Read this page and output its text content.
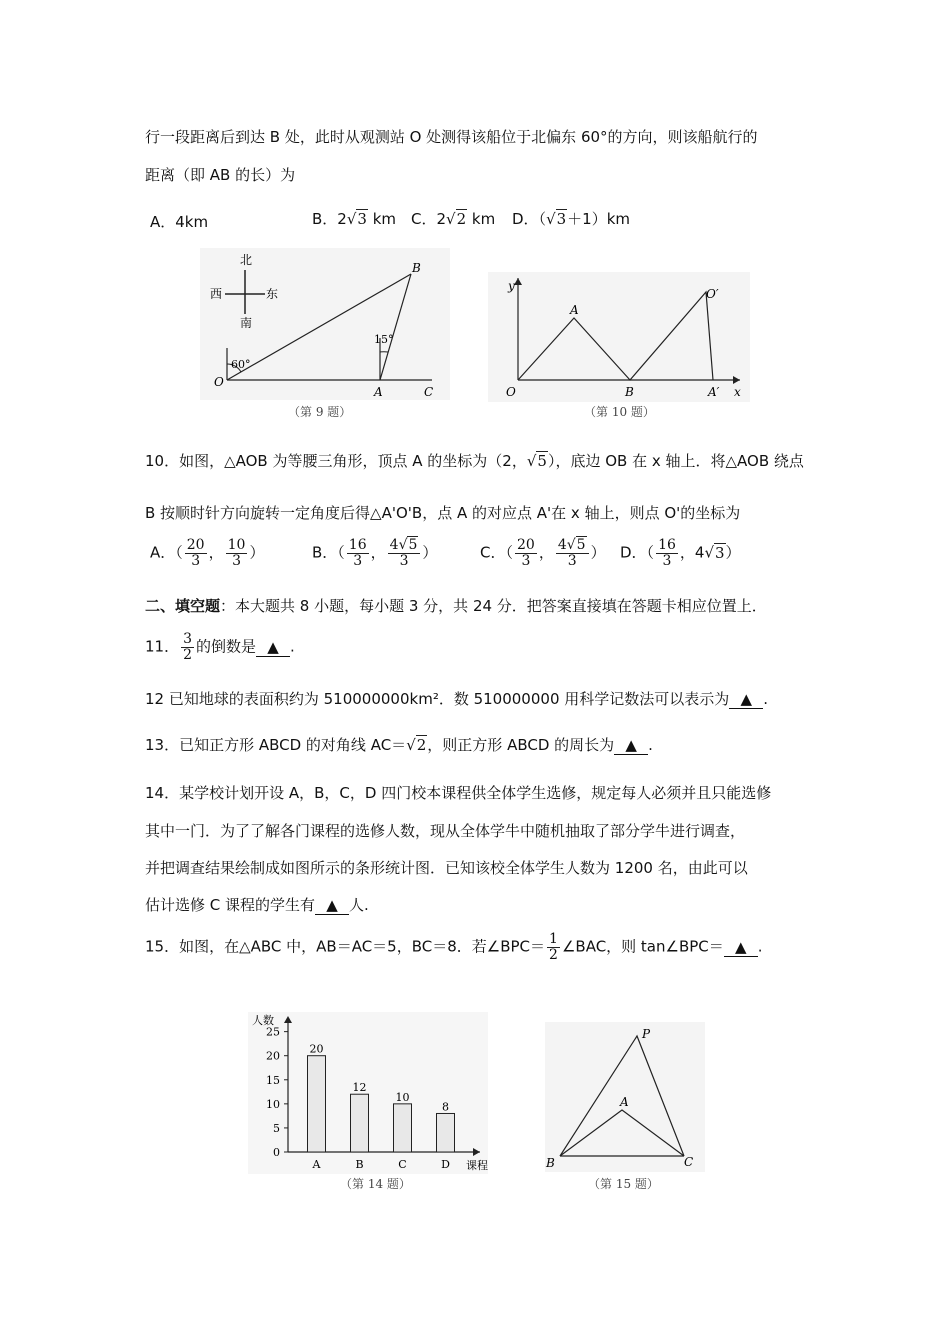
行一段距离后到达 B 处，此时从观测站 O 处测得该船位于北偏东 60°的方向，则该船航行的
距离（即 AB 的长）为
A．4km	B．2√3 km C．2√2 km D．（√3＋1）km
北
南
西	东
60°
15°
B
O
A	C
（第 9 题）
y
x
O
A
B
O′
A′
（第 10 题）
10．如图，△AOB 为等腰三角形，顶点 A 的坐标为（2，√5），底边 OB 在 x 轴上．将△AOB 绕点
B 按顺时针方向旋转一定角度后得△A'O'B，点 A 的对应点 A'在 x 轴上，则点 O'的坐标为
A．（ $\frac{20}{3}$ ， $\frac{10}{3}$ ）	B．（ $\frac{16}{3}$ ， $\frac{4√5}{3}$ ）	C．（ $\frac{20}{3}$ ， $\frac{4√5}{3}$ ） D．（ $\frac{16}{3}$ ，4√3）
二、填空题：本大题共 8 小题，每小题 3 分，共 24 分．把答案直接填在答题卡相应位置上．
11． $\frac{3}{2}$ 的倒数是 ▲ .
12 已知地球的表面积约为 510000000km²．数 510000000 用科学记数法可以表示为 ▲ .
13．已知正方形 ABCD 的对角线 AC＝√2，则正方形 ABCD 的周长为 ▲ .
14．某学校计划开设 A，B，C，D 四门校本课程供全体学生选修，规定每人必须并且只能选修
其中一门．为了了解各门课程的选修人数，现从全体学牛中随机抽取了部分学牛进行调查，
并把调查结果绘制成如图所示的条形统计图．已知该校全体学生人数为 1200 名，由此可以
估计选修 C 课程的学生有 ▲ 人.
15．如图，在△ABC 中，AB＝AC＝5，BC＝8．若∠BPC＝ $\frac{1}{2}$ ∠BAC，则 tan∠BPC＝ ▲ .
人数
课程
0
5
10
15
20
25
20
A
12
B
10
C
8
D
（第 14 题）
P
A
B	C
（第 15 题）
